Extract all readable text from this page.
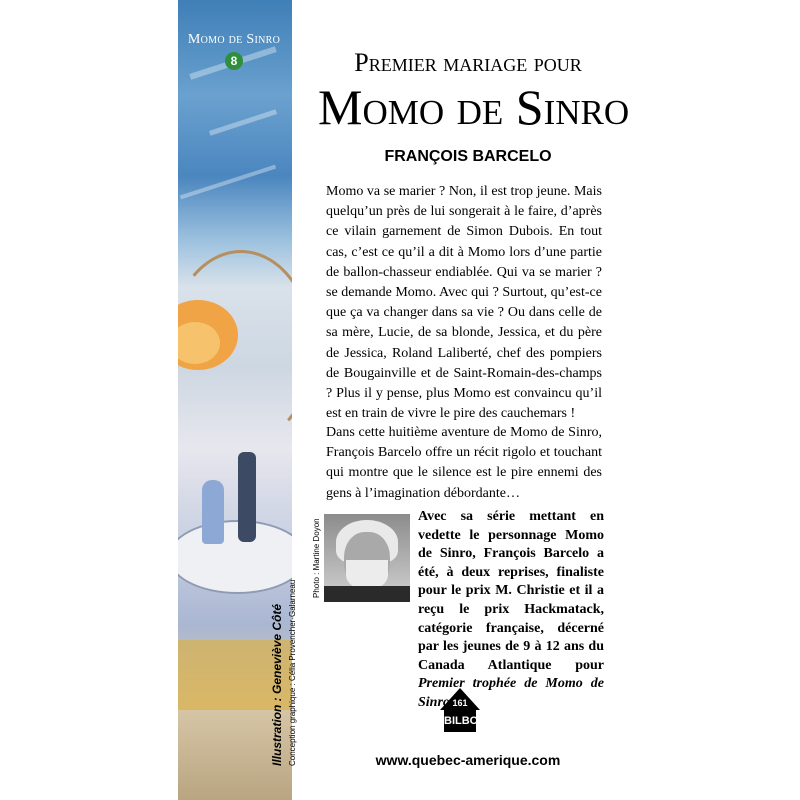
Momo de Sinro
8
Illustration : Geneviève Côté Conception graphique : Célia Provencher-Galarneau
Photo : Martine Doyon
Premier mariage pour
Momo de Sinro
FRANÇOIS BARCELO

Momo va se marier ? Non, il est trop jeune. Mais quelqu’un près de lui songerait à le faire, d’après ce vilain garnement de Simon Dubois. En tout cas, c’est ce qu’il a dit à Momo lors d’une partie de ballon-chasseur endiablée. Qui va se marier ? se demande Momo. Avec qui ? Surtout, qu’est-ce que ça va changer dans sa vie ? Ou dans celle de sa mère, Lucie, de sa blonde, Jessica, et du père de Jessica, Roland Laliberté, chef des pompiers de Bougainville et de Saint-Romain-des-champs ? Plus il y pense, plus Momo est convaincu qu’il est en train de vivre le pire des cauchemars !

Dans cette huitième aventure de Momo de Sinro, François Barcelo offre un récit rigolo et touchant qui montre que le silence est le pire ennemi des gens à l’imagination débordante…

Avec sa série mettant en vedette le personnage Momo de Sinro, François Barcelo a été, à deux reprises, finaliste pour le prix M. Christie et il a reçu le prix Hackmatack, catégorie française, décerné par les jeunes de 9 à 12 ans du Canada Atlantique pour Premier trophée de Momo de Sinro. 161
BILBO
www.quebec-amerique.com
